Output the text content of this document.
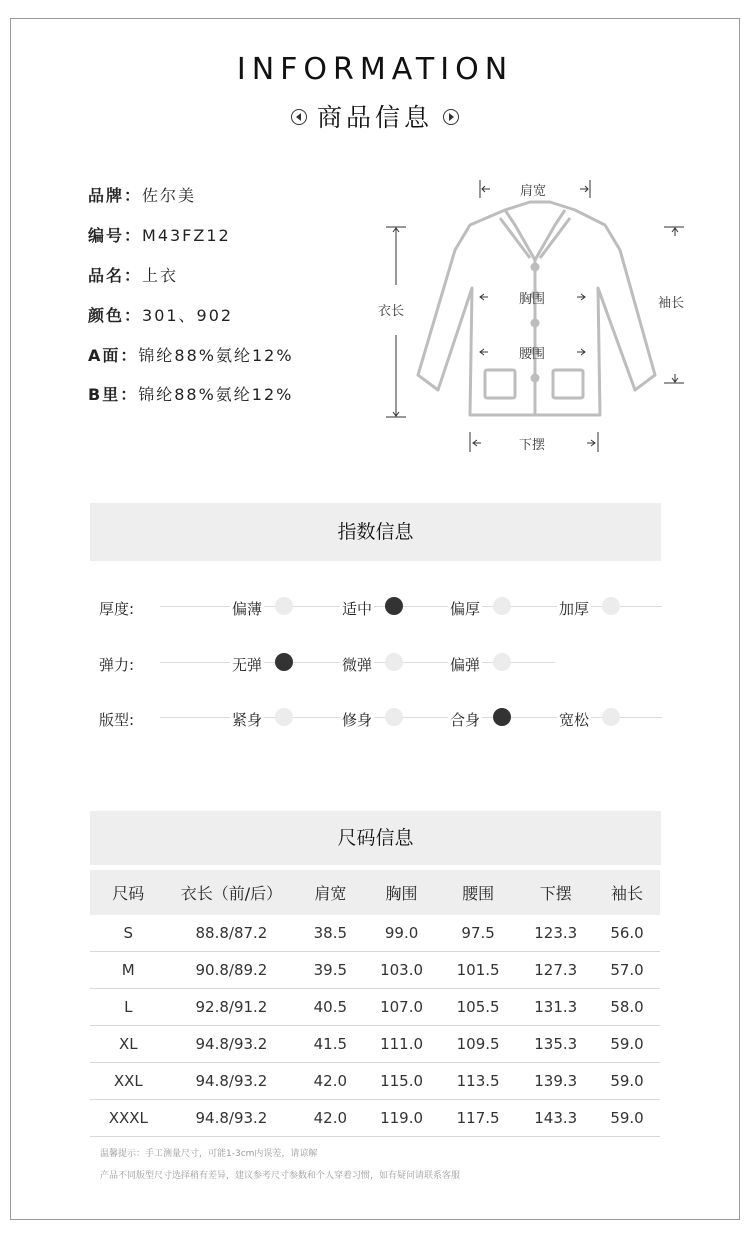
INFORMATION
商品信息
品牌：佐尔美
编号：M43FZ12
品名：上衣
颜色：301、902
A面：锦纶88%氨纶12%
B里：锦纶88%氨纶12%
肩宽
衣长
胸围
腰围
下摆
袖长
指数信息
厚度:	偏薄	适中	偏厚	加厚
弹力:	无弹	微弹	偏弹
版型:	紧身	修身	合身	宽松
尺码信息
尺码	衣长（前/后）	肩宽	胸围	腰围	下摆	袖长
S	88.8/87.2	38.5	99.0	97.5	123.3	56.0
M	90.8/89.2	39.5	103.0	101.5	127.3	57.0
L	92.8/91.2	40.5	107.0	105.5	131.3	58.0
XL	94.8/93.2	41.5	111.0	109.5	135.3	59.0
XXL	94.8/93.2	42.0	115.0	113.5	139.3	59.0
XXXL	94.8/93.2	42.0	119.0	117.5	143.3	59.0
温馨提示：手工测量尺寸，可能1-3cm内误差，请谅解
产品不同版型尺寸选择稍有差异，建议参考尺寸参数和个人穿着习惯，如有疑问请联系客服
